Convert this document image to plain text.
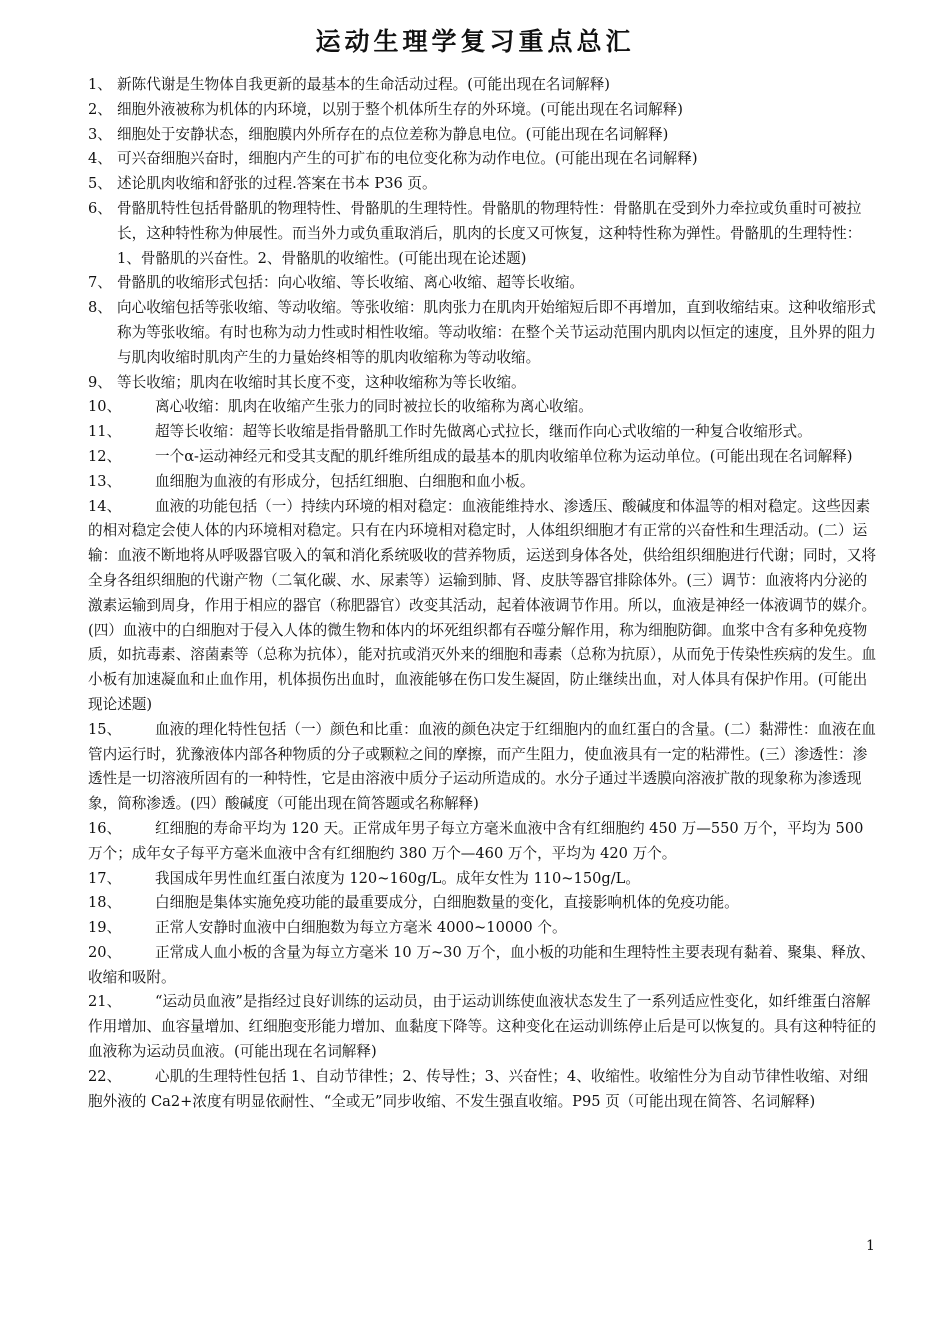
运动生理学复习重点总汇

1、 新陈代谢是生物体自我更新的最基本的生命活动过程。(可能出现在名词解释)

2、 细胞外液被称为机体的内环境，以别于整个机体所生存的外环境。(可能出现在名词解释)

3、 细胞处于安静状态，细胞膜内外所存在的点位差称为静息电位。(可能出现在名词解释)

4、 可兴奋细胞兴奋时，细胞内产生的可扩布的电位变化称为动作电位。(可能出现在名词解释)

5、 述论肌肉收缩和舒张的过程.答案在书本 P36 页。

6、 骨骼肌特性包括骨骼肌的物理特性、骨骼肌的生理特性。骨骼肌的物理特性：骨骼肌在受到外力牵拉或负重时可被拉长，这种特性称为伸展性。而当外力或负重取消后，肌肉的长度又可恢复，这种特性称为弹性。骨骼肌的生理特性：1、骨骼肌的兴奋性。2、骨骼肌的收缩性。(可能出现在论述题)

7、 骨骼肌的收缩形式包括：向心收缩、等长收缩、离心收缩、超等长收缩。

8、 向心收缩包括等张收缩、等动收缩。等张收缩：肌肉张力在肌肉开始缩短后即不再增加，直到收缩结束。这种收缩形式称为等张收缩。有时也称为动力性或时相性收缩。等动收缩：在整个关节运动范围内肌肉以恒定的速度，且外界的阻力与肌肉收缩时肌肉产生的力量始终相等的肌肉收缩称为等动收缩。

9、 等长收缩；肌肉在收缩时其长度不变，这种收缩称为等长收缩。

10、 离心收缩：肌肉在收缩产生张力的同时被拉长的收缩称为离心收缩。

11、 超等长收缩：超等长收缩是指骨骼肌工作时先做离心式拉长，继而作向心式收缩的一种复合收缩形式。

12、 一个α-运动神经元和受其支配的肌纤维所组成的最基本的肌肉收缩单位称为运动单位。(可能出现在名词解释)

13、 血细胞为血液的有形成分，包括红细胞、白细胞和血小板。

14、 血液的功能包括（一）持续内环境的相对稳定：血液能维持水、渗透压、酸碱度和体温等的相对稳定。这些因素的相对稳定会使人体的内环境相对稳定。只有在内环境相对稳定时，人体组织细胞才有正常的兴奋性和生理活动。(二）运输：血液不断地将从呼吸器官吸入的氧和消化系统吸收的营养物质，运送到身体各处，供给组织细胞进行代谢；同时，又将全身各组织细胞的代谢产物（二氧化碳、水、尿素等）运输到肺、肾、皮肤等器官排除体外。(三）调节：血液将内分泌的激素运输到周身，作用于相应的器官（称肥器官）改变其活动，起着体液调节作用。所以，血液是神经一体液调节的媒介。(四）血液中的白细胞对于侵入人体的微生物和体内的坏死组织都有吞噬分解作用，称为细胞防御。血浆中含有多种免疫物质，如抗毒素、溶菌素等（总称为抗体），能对抗或消灭外来的细胞和毒素（总称为抗原），从而免于传染性疾病的发生。血小板有加速凝血和止血作用，机体损伤出血时，血液能够在伤口发生凝固，防止继续出血，对人体具有保护作用。(可能出现论述题)

15、 血液的理化特性包括（一）颜色和比重：血液的颜色决定于红细胞内的血红蛋白的含量。(二）黏滞性：血液在血管内运行时，犹豫液体内部各种物质的分子或颗粒之间的摩擦，而产生阻力，使血液具有一定的粘滞性。(三）渗透性：渗透性是一切溶液所固有的一种特性，它是由溶液中质分子运动所造成的。水分子通过半透膜向溶液扩散的现象称为渗透现象，简称渗透。(四）酸碱度（可能出现在简答题或名称解释)

16、 红细胞的寿命平均为 120 天。正常成年男子每立方毫米血液中含有红细胞约 450 万—550 万个，平均为 500 万个；成年女子每平方毫米血液中含有红细胞约 380 万个—460 万个，平均为 420 万个。

17、 我国成年男性血红蛋白浓度为 120~160g/L。成年女性为 110~150g/L。

18、 白细胞是集体实施免疫功能的最重要成分，白细胞数量的变化，直接影响机体的免疫功能。

19、 正常人安静时血液中白细胞数为每立方毫米 4000~10000 个。

20、 正常成人血小板的含量为每立方毫米 10 万~30 万个，血小板的功能和生理特性主要表现有黏着、聚集、释放、收缩和吸附。

21、 “运动员血液”是指经过良好训练的运动员，由于运动训练使血液状态发生了一系列适应性变化，如纤维蛋白溶解作用增加、血容量增加、红细胞变形能力增加、血黏度下降等。这种变化在运动训练停止后是可以恢复的。具有这种特征的血液称为运动员血液。(可能出现在名词解释)

22、 心肌的生理特性包括 1、自动节律性；2、传导性；3、兴奋性；4、收缩性。收缩性分为自动节律性收缩、对细胞外液的 Ca2+浓度有明显依耐性、“全或无”同步收缩、不发生强直收缩。P95 页（可能出现在简答、名词解释)

1
